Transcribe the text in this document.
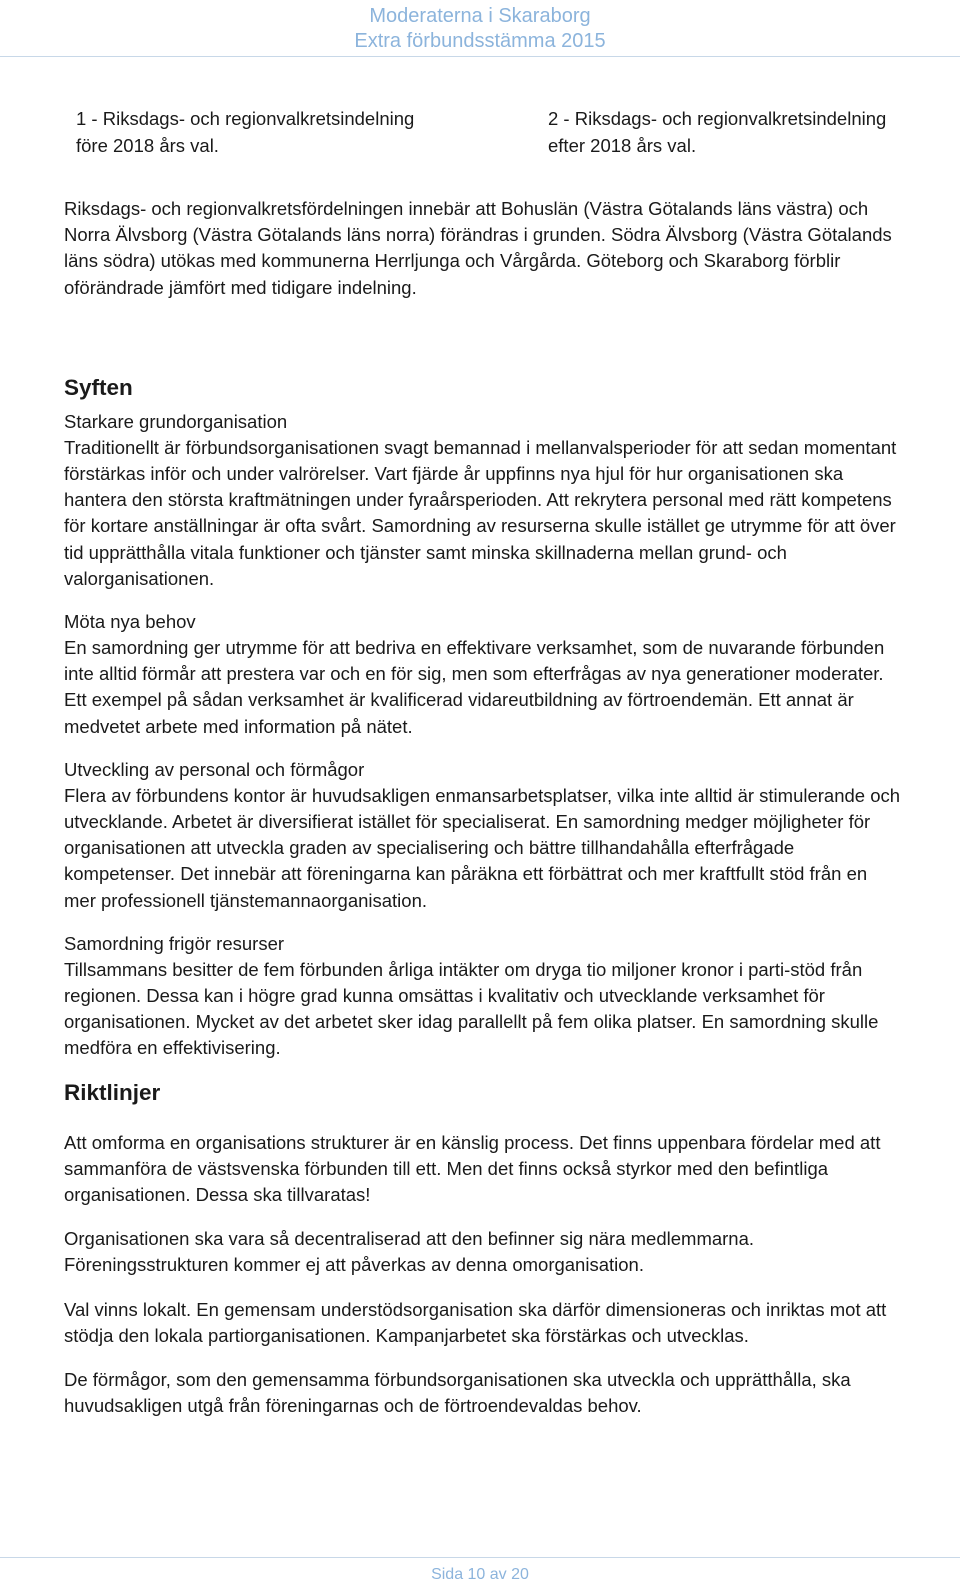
Moderaterna i Skaraborg
Extra förbundsstämma 2015
1 - Riksdags- och regionvalkretsindelning före 2018 års val.
2 - Riksdags- och regionvalkretsindelning efter 2018 års val.

Riksdags- och regionvalkretsfördelningen innebär att Bohuslän (Västra Götalands läns västra) och Norra Älvsborg (Västra Götalands läns norra) förändras i grunden. Södra Älvsborg (Västra Götalands läns södra) utökas med kommunerna Herrljunga och Vårgårda. Göteborg och Skaraborg förblir oförändrade jämfört med tidigare indelning.

Syften
Starkare grundorganisation

Traditionellt är förbundsorganisationen svagt bemannad i mellanvalsperioder för att sedan momentant förstärkas inför och under valrörelser. Vart fjärde år uppfinns nya hjul för hur organisationen ska hantera den största kraftmätningen under fyraårsperioden. Att rekrytera personal med rätt kompetens för kortare anställningar är ofta svårt. Samordning av resurserna skulle istället ge utrymme för att över tid upprätthålla vitala funktioner och tjänster samt minska skillnaderna mellan grund- och valorganisationen.

Möta nya behov

En samordning ger utrymme för att bedriva en effektivare verksamhet, som de nuvarande förbunden inte alltid förmår att prestera var och en för sig, men som efterfrågas av nya generationer moderater. Ett exempel på sådan verksamhet är kvalificerad vidareutbildning av förtroendemän. Ett annat är medvetet arbete med information på nätet.

Utveckling av personal och förmågor

Flera av förbundens kontor är huvudsakligen enmansarbetsplatser, vilka inte alltid är stimulerande och utvecklande. Arbetet är diversifierat istället för specialiserat. En samordning medger möjligheter för organisationen att utveckla graden av specialisering och bättre tillhandahålla efterfrågade kompetenser. Det innebär att föreningarna kan påräkna ett förbättrat och mer kraftfullt stöd från en mer professionell tjänstemannaorganisation.

Samordning frigör resurser

Tillsammans besitter de fem förbunden årliga intäkter om dryga tio miljoner kronor i parti-stöd från regionen. Dessa kan i högre grad kunna omsättas i kvalitativ och utvecklande verksamhet för organisationen. Mycket av det arbetet sker idag parallellt på fem olika platser. En samordning skulle medföra en effektivisering.

Riktlinjer

Att omforma en organisations strukturer är en känslig process. Det finns uppenbara fördelar med att sammanföra de västsvenska förbunden till ett. Men det finns också styrkor med den befintliga organisationen. Dessa ska tillvaratas!

Organisationen ska vara så decentraliserad att den befinner sig nära medlemmarna. Föreningsstrukturen kommer ej att påverkas av denna omorganisation.

Val vinns lokalt. En gemensam understödsorganisation ska därför dimensioneras och inriktas mot att stödja den lokala partiorganisationen. Kampanjarbetet ska förstärkas och utvecklas.

De förmågor, som den gemensamma förbundsorganisationen ska utveckla och upprätthålla, ska huvudsakligen utgå från föreningarnas och de förtroendevaldas behov.

Sida 10 av 20
